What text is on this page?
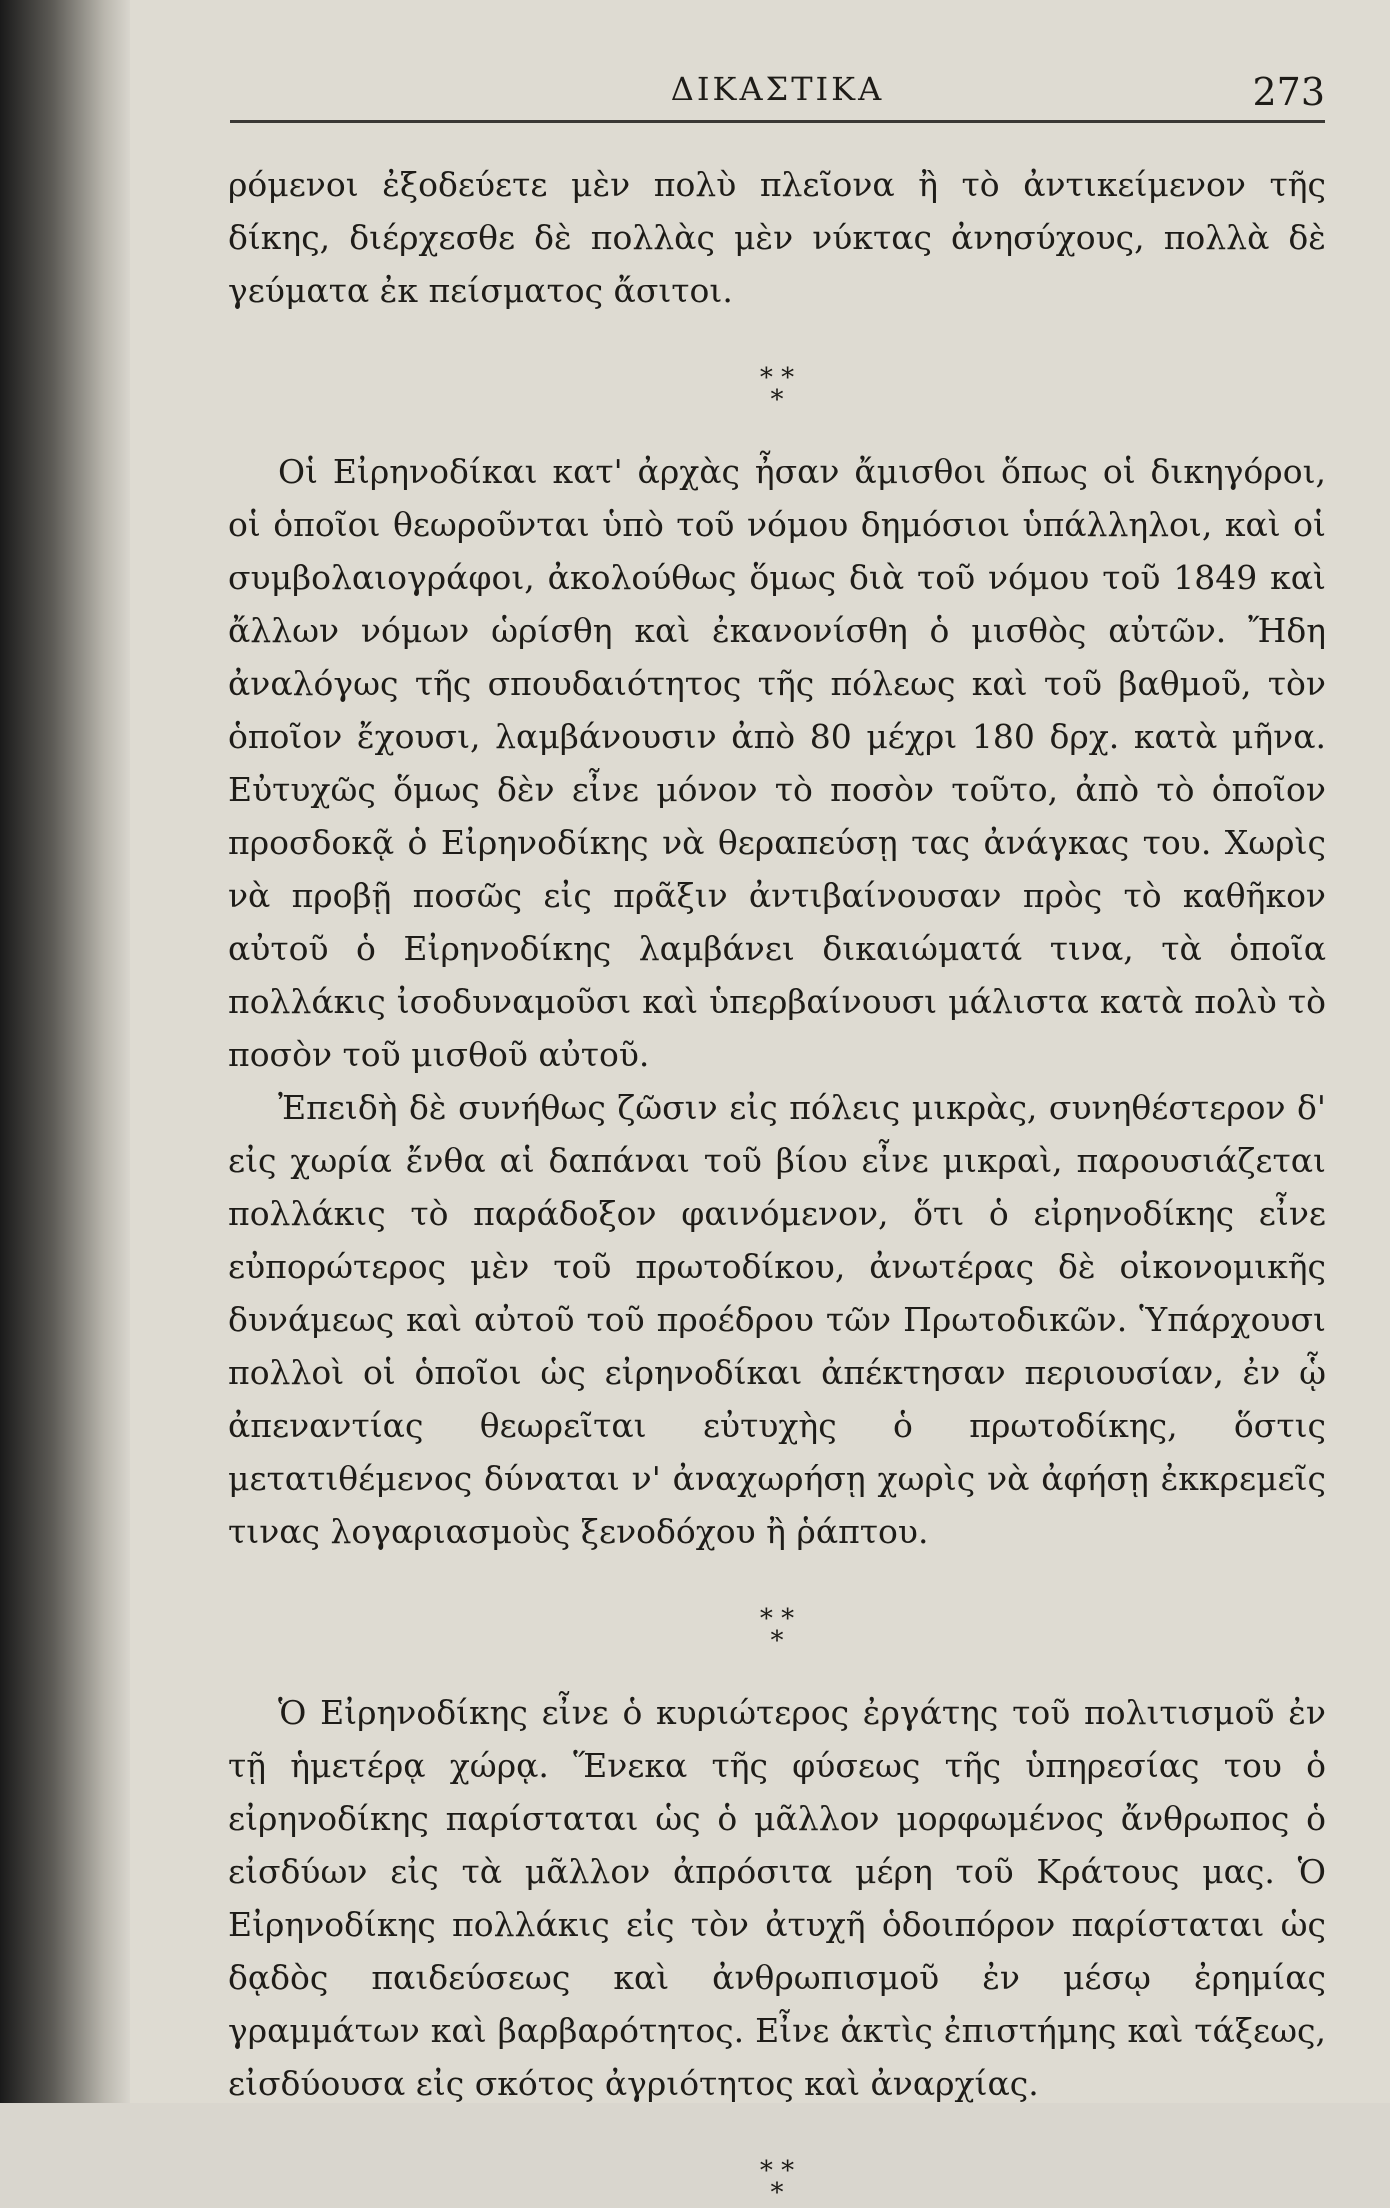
ΔΙΚΑΣΤΙΚΑ	273

ρόμενοι ἐξοδεύετε μὲν πολὺ πλεῖονα ἢ τὸ ἀντικείμενον τῆς δίκης, διέρχεσθε δὲ πολλὰς μὲν νύκτας ἀνησύχους, πολλὰ δὲ γεύματα ἐκ πείσματος ἄσιτοι.

* *
*

Οἱ Εἰρηνοδίκαι κατ' ἀρχὰς ἦσαν ἄμισθοι ὅπως οἱ δικηγόροι, οἱ ὁποῖοι θεωροῦνται ὑπὸ τοῦ νόμου δημόσιοι ὑπάλληλοι, καὶ οἱ συμβολαιογράφοι, ἀκολούθως ὅμως διὰ τοῦ νόμου τοῦ 1849 καὶ ἄλλων νόμων ὡρίσθη καὶ ἐκανονίσθη ὁ μισθὸς αὐτῶν. Ἤδη ἀναλόγως τῆς σπουδαιότητος τῆς πόλεως καὶ τοῦ βαθμοῦ, τὸν ὁποῖον ἔχουσι, λαμβάνουσιν ἀπὸ 80 μέχρι 180 δρχ. κατὰ μῆνα. Εὐτυχῶς ὅμως δὲν εἶνε μόνον τὸ ποσὸν τοῦτο, ἀπὸ τὸ ὁποῖον προσδοκᾷ ὁ Εἰρηνοδίκης νὰ θεραπεύσῃ τας ἀνάγκας του. Χωρὶς νὰ προβῇ ποσῶς εἰς πρᾶξιν ἀντιβαίνουσαν πρὸς τὸ καθῆκον αὐτοῦ ὁ Εἰρηνοδίκης λαμβάνει δικαιώματά τινα, τὰ ὁποῖα πολλάκις ἰσοδυναμοῦσι καὶ ὑπερβαίνουσι μάλιστα κατὰ πολὺ τὸ ποσὸν τοῦ μισθοῦ αὐτοῦ.

Ἐπειδὴ δὲ συνήθως ζῶσιν εἰς πόλεις μικρὰς, συνηθέστερον δ' εἰς χωρία ἔνθα αἱ δαπάναι τοῦ βίου εἶνε μικραὶ, παρουσιάζεται πολλάκις τὸ παράδοξον φαινόμενον, ὅτι ὁ εἰρηνοδίκης εἶνε εὐπορώτερος μὲν τοῦ πρωτοδίκου, ἀνωτέρας δὲ οἰκονομικῆς δυνάμεως καὶ αὐτοῦ τοῦ προέδρου τῶν Πρωτοδικῶν. Ὑπάρχουσι πολλοὶ οἱ ὁποῖοι ὡς εἰρηνοδίκαι ἀπέκτησαν περιουσίαν, ἐν ᾧ ἀπεναντίας θεωρεῖται εὐτυχὴς ὁ πρωτοδίκης, ὅστις μετατιθέμενος δύναται ν' ἀναχωρήσῃ χωρὶς νὰ ἀφήσῃ ἐκκρεμεῖς τινας λογαριασμοὺς ξενοδόχου ἢ ῥάπτου.

* *
*

Ὁ Εἰρηνοδίκης εἶνε ὁ κυριώτερος ἐργάτης τοῦ πολιτισμοῦ ἐν τῇ ἡμετέρᾳ χώρᾳ. Ἕνεκα τῆς φύσεως τῆς ὑπηρεσίας του ὁ εἰρηνοδίκης παρίσταται ὡς ὁ μᾶλλον μορφωμένος ἄνθρωπος ὁ εἰσδύων εἰς τὰ μᾶλλον ἀπρόσιτα μέρη τοῦ Κράτους μας. Ὁ Εἰρηνοδίκης πολλάκις εἰς τὸν ἀτυχῆ ὁδοιπόρον παρίσταται ὡς δᾳδὸς παιδεύσεως καὶ ἀνθρωπισμοῦ ἐν μέσῳ ἐρημίας γραμμάτων καὶ βαρβαρότητος. Εἶνε ἀκτὶς ἐπιστήμης καὶ τάξεως, εἰσδύουσα εἰς σκότος ἀγριότητος καὶ ἀναρχίας.

* *
*
